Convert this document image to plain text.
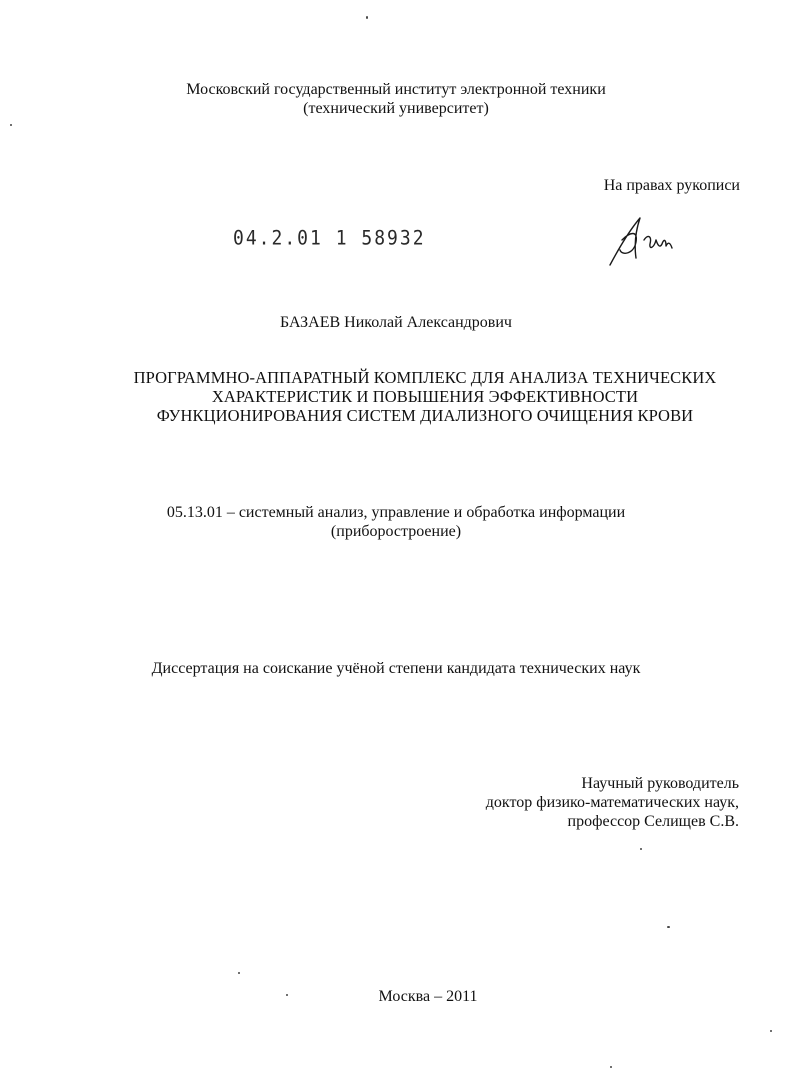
Московский государственный институт электронной техники
(технический университет)
На правах рукописи
04.2.01 1 58932
БАЗАЕВ Николай Александрович
ПРОГРАММНО-АППАРАТНЫЙ КОМПЛЕКС ДЛЯ АНАЛИЗА ТЕХНИЧЕСКИХ
ХАРАКТЕРИСТИК И ПОВЫШЕНИЯ ЭФФЕКТИВНОСТИ
ФУНКЦИОНИРОВАНИЯ СИСТЕМ ДИАЛИЗНОГО ОЧИЩЕНИЯ КРОВИ
05.13.01 – системный анализ, управление и обработка информации
(приборостроение)
Диссертация на соискание учёной степени кандидата технических наук
Научный руководитель
доктор физико-математических наук,
профессор Селищев С.В.
Москва – 2011
